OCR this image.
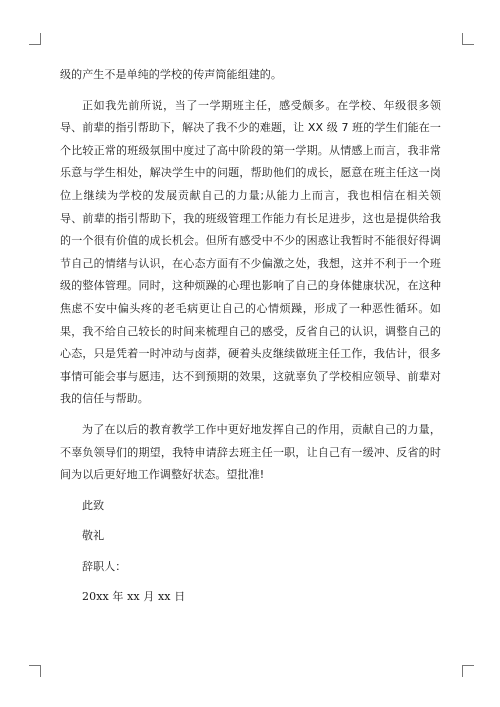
级的产生不是单纯的学校的传声筒能组建的。

正如我先前所说，当了一学期班主任，感受颇多。在学校、年级很多领导、前辈的指引帮助下，解决了我不少的难题，让 XX 级 7 班的学生们能在一个比较正常的班级氛围中度过了高中阶段的第一学期。从情感上而言，我非常乐意与学生相处，解决学生中的问题，帮助他们的成长，愿意在班主任这一岗位上继续为学校的发展贡献自己的力量;从能力上而言，我也相信在相关领导、前辈的指引帮助下，我的班级管理工作能力有长足进步，这也是提供给我的一个很有价值的成长机会。但所有感受中不少的困惑让我暂时不能很好得调节自己的情绪与认识，在心态方面有不少偏激之处，我想，这并不利于一个班级的整体管理。同时，这种烦躁的心理也影响了自己的身体健康状况，在这种焦虑不安中偏头疼的老毛病更让自己的心情烦躁，形成了一种恶性循环。如果，我不给自己较长的时间来梳理自己的感受，反省自己的认识，调整自己的心态，只是凭着一时冲动与卤莽，硬着头皮继续做班主任工作，我估计，很多事情可能会事与愿违，达不到预期的效果，这就辜负了学校相应领导、前辈对我的信任与帮助。

为了在以后的教育教学工作中更好地发挥自己的作用，贡献自己的力量，不辜负领导们的期望，我特申请辞去班主任一职，让自己有一缓冲、反省的时间为以后更好地工作调整好状态。望批准!

此致
敬礼
辞职人：
20xx 年 xx 月 xx 日
